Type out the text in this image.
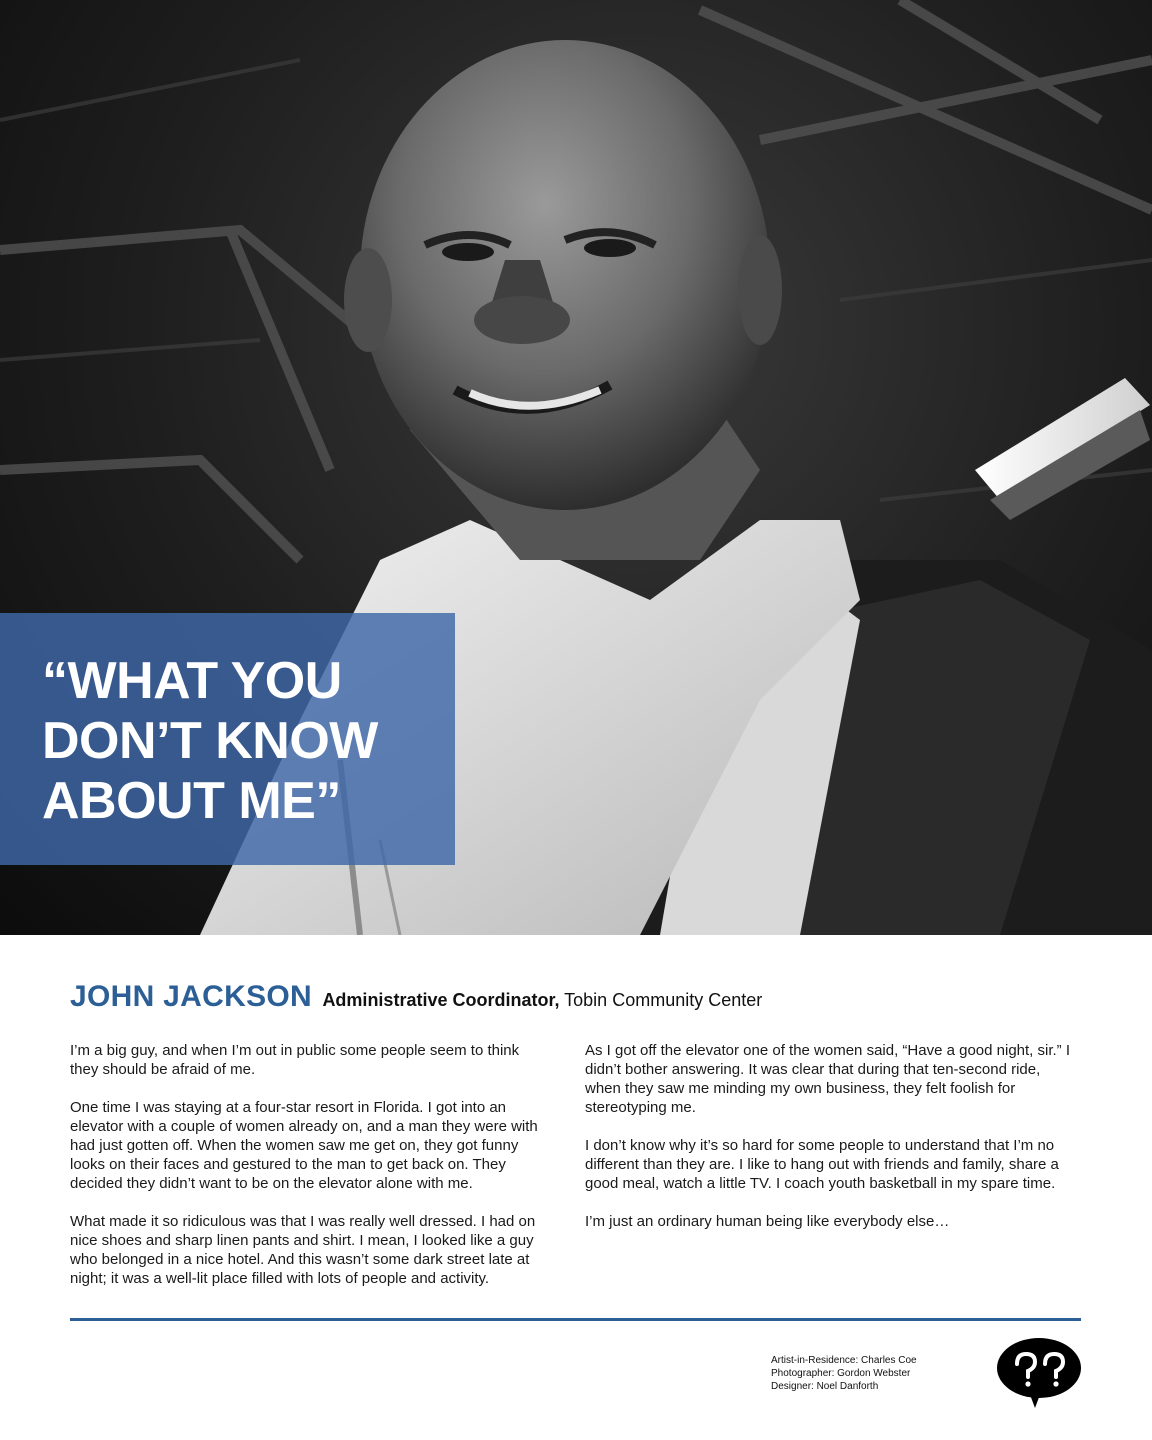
“WHAT YOU DON’T KNOW ABOUT ME”

JOHN JACKSON Administrative Coordinator, Tobin Community Center

I’m a big guy, and when I’m out in public some people seem to think they should be afraid of me.

One time I was staying at a four-star resort in Florida. I got into an elevator with a couple of women already on, and a man they were with had just gotten off. When the women saw me get on, they got funny looks on their faces and gestured to the man to get back on. They decided they didn’t want to be on the elevator alone with me.

What made it so ridiculous was that I was really well dressed. I had on nice shoes and sharp linen pants and shirt. I mean, I looked like a guy who belonged in a nice hotel. And this wasn’t some dark street late at night; it was a well-lit place filled with lots of people and activity.

As I got off the elevator one of the women said, “Have a good night, sir.” I didn’t bother answering. It was clear that during that ten-second ride, when they saw me minding my own business, they felt foolish for stereotyping me.

I don’t know why it’s so hard for some people to understand that I’m no different than they are. I like to hang out with friends and family, share a good meal, watch a little TV. I coach youth basketball in my spare time.

I’m just an ordinary human being like everybody else…

Artist-in-Residence: Charles Coe
Photographer: Gordon Webster
Designer: Noel Danforth
